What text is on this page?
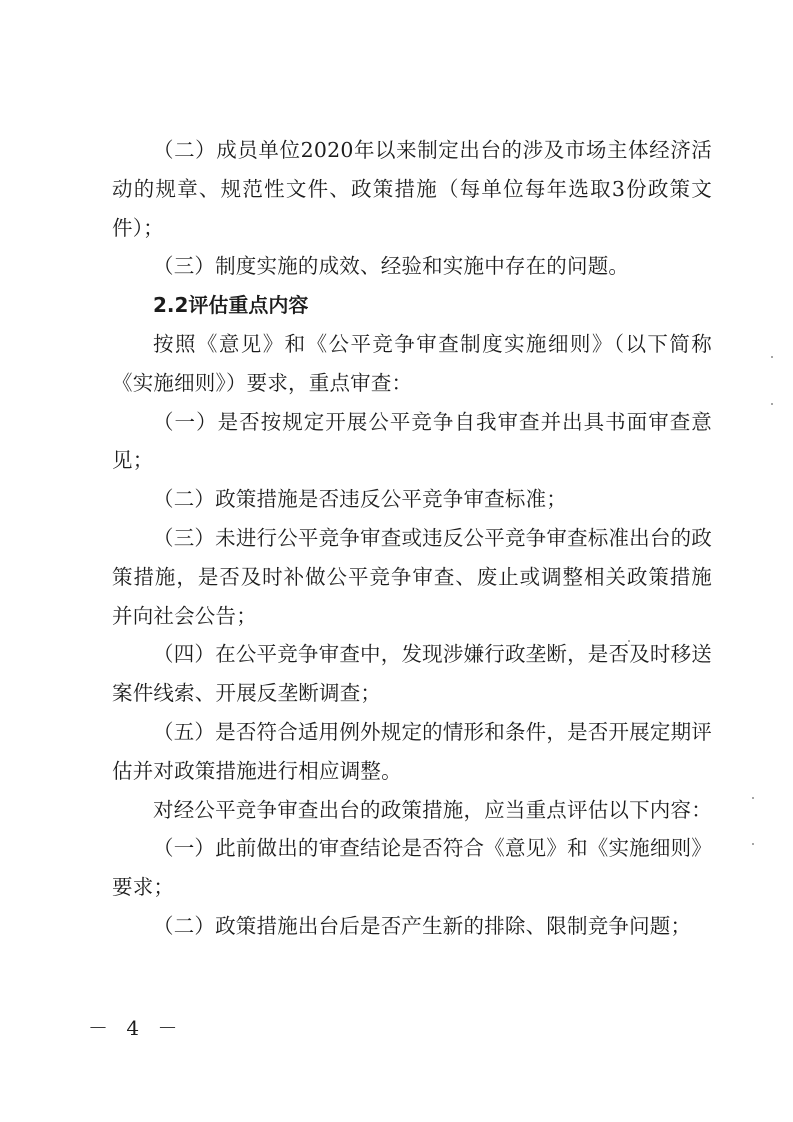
（二）成员单位2020年以来制定出台的涉及市场主体经济活动的规章、规范性文件、政策措施（每单位每年选取3份政策文件）；

（三）制度实施的成效、经验和实施中存在的问题。

2.2评估重点内容

按照《意见》和《公平竞争审查制度实施细则》（以下简称《实施细则》）要求，重点审查：

（一）是否按规定开展公平竞争自我审查并出具书面审查意见；

（二）政策措施是否违反公平竞争审查标准；

（三）未进行公平竞争审查或违反公平竞争审查标准出台的政策措施，是否及时补做公平竞争审查、废止或调整相关政策措施并向社会公告；

（四）在公平竞争审查中，发现涉嫌行政垄断，是否及时移送案件线索、开展反垄断调查；

（五）是否符合适用例外规定的情形和条件，是否开展定期评估并对政策措施进行相应调整。

对经公平竞争审查出台的政策措施，应当重点评估以下内容：

（一）此前做出的审查结论是否符合《意见》和《实施细则》要求；

（二）政策措施出台后是否产生新的排除、限制竞争问题；

－ 4 －
